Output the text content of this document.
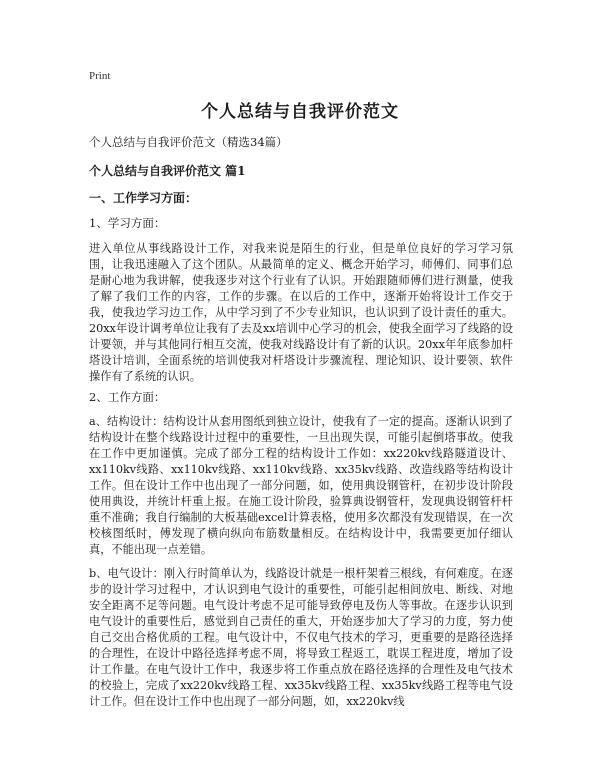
Print
个人总结与自我评价范文
个人总结与自我评价范文（精选34篇）
个人总结与自我评价范文 篇1
一、工作学习方面：
1、学习方面：

进入单位从事线路设计工作，对我来说是陌生的行业，但是单位良好的学习学习氛围，让我迅速融入了这个团队。从最简单的定义、概念开始学习，师傅们、同事们总是耐心地为我讲解，使我逐步对这个行业有了认识。开始跟随师傅们进行测量，使我了解了我们工作的内容，工作的步骤。在以后的工作中，逐渐开始将设计工作交于我，使我边学习边工作，从中学习到了不少专业知识，也认识到了设计责任的重大。20xx年设计调考单位让我有了去及xx培训中心学习的机会，使我全面学习了线路的设计要领，并与其他同行相互交流，使我对线路设计有了新的认识。20xx年年底参加杆塔设计培训，全面系统的培训使我对杆塔设计步骤流程、理论知识、设计要领、软件操作有了系统的认识。

2、工作方面：

a、结构设计：结构设计从套用图纸到独立设计，使我有了一定的提高。逐渐认识到了结构设计在整个线路设计过程中的重要性，一旦出现失误，可能引起倒塔事故。使我在工作中更加谨慎。完成了部分工程的结构设计工作如：xx220kv线路隧道设计、xx110kv线路、xx110kv线路、xx110kv线路、xx35kv线路、改造线路等结构设计工作。但在设计工作中也出现了一部分问题，如，使用典设钢管杆，在初步设计阶段使用典设，并统计杆重上报。在施工设计阶段，验算典设钢管杆，发现典设钢管杆杆重不准确；我自行编制的大板基础excel计算表格，使用多次都没有发现错误，在一次校核图纸时，傅发现了横向纵向布筋数量相反。在结构设计中，我需要更加仔细认真，不能出现一点差错。

b、电气设计：刚入行时简单认为，线路设计就是一根杆架着三根线，有何难度。在逐步的设计学习过程中，才认识到电气设计的重要性，可能引起相间放电、断线、对地安全距离不足等问题。电气设计考虑不足可能导致停电及伤人等事故。在逐步认识到电气设计的重要性后，感觉到自己责任的重大，开始逐步加大了学习的力度，努力使自己交出合格优质的工程。电气设计中，不仅电气技术的学习，更重要的是路径选择的合理性，在设计中路径选择考虑不周，将导致工程返工，耽误工程进度，增加了设计工作量。在电气设计工作中，我逐步将工作重点放在路径选择的合理性及电气技术的校验上，完成了xx220kv线路工程、xx35kv线路工程、xx35kv线路工程等电气设计工作。但在设计工作中也出现了一部分问题，如，xx220kv线
